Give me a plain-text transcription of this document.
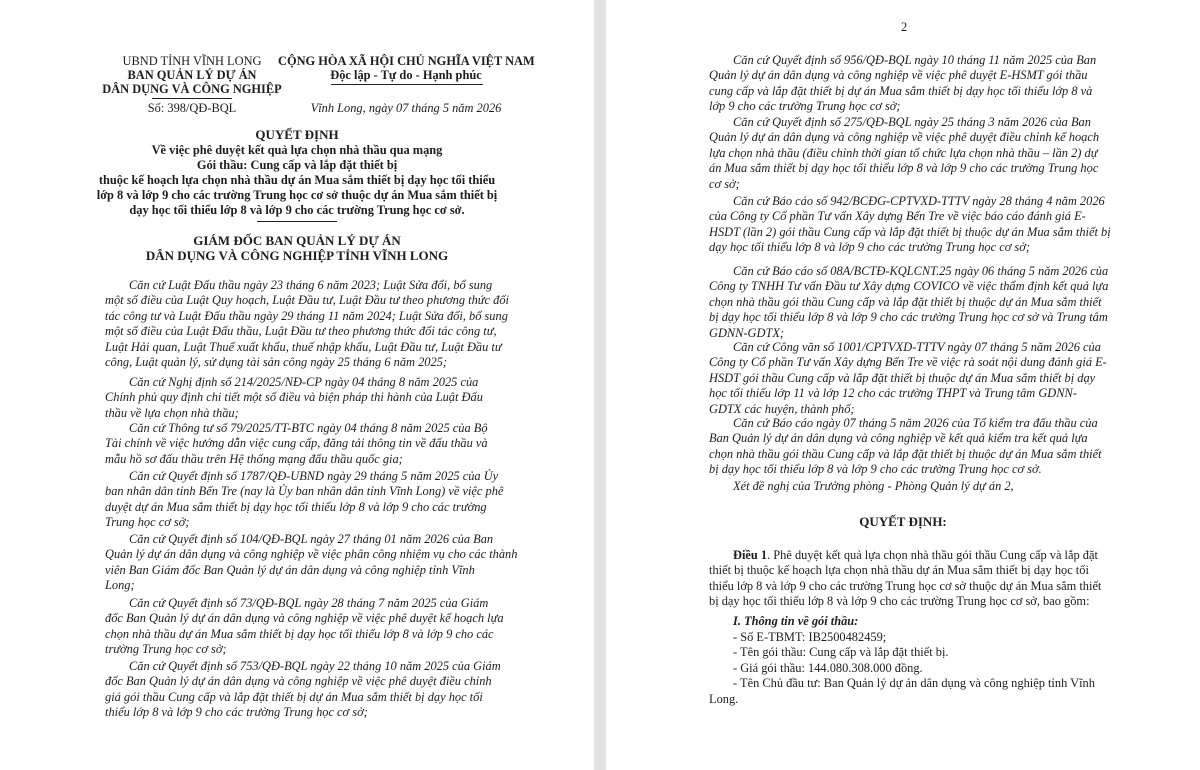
UBND TỈNH VĨNH LONG
BAN QUẢN LÝ DỰ ÁN
DÂN DỤNG VÀ CÔNG NGHIỆP
CỘNG HÒA XÃ HỘI CHỦ NGHĨA VIỆT NAM
Độc lập - Tự do - Hạnh phúc
Số: 398/QĐ-BQL	Vĩnh Long, ngày 07 tháng 5 năm 2026
QUYẾT ĐỊNH
Về việc phê duyệt kết quả lựa chọn nhà thầu qua mạng
Gói thầu: Cung cấp và lắp đặt thiết bị
thuộc kế hoạch lựa chọn nhà thầu dự án Mua sắm thiết bị dạy học tối thiểu
lớp 8 và lớp 9 cho các trường Trung học cơ sở thuộc dự án Mua sắm thiết bị
dạy học tối thiểu lớp 8 và lớp 9 cho các trường Trung học cơ sở.
GIÁM ĐỐC BAN QUẢN LÝ DỰ ÁN
DÂN DỤNG VÀ CÔNG NGHIỆP TỈNH VĨNH LONG
Căn cứ Luật Đấu thầu ngày 23 tháng 6 năm 2023; Luật Sửa đổi, bổ sung
một số điều của Luật Quy hoạch, Luật Đầu tư, Luật Đầu tư theo phương thức đối
tác công tư và Luật Đấu thầu ngày 29 tháng 11 năm 2024; Luật Sửa đổi, bổ sung
một số điều của Luật Đấu thầu, Luật Đầu tư theo phương thức đối tác công tư,
Luật Hải quan, Luật Thuế xuất khẩu, thuế nhập khẩu, Luật Đầu tư, Luật Đầu tư
công, Luật quản lý, sử dụng tài sản công ngày 25 tháng 6 năm 2025;
Căn cứ Nghị định số 214/2025/NĐ-CP ngày 04 tháng 8 năm 2025 của
Chính phủ quy định chi tiết một số điều và biện pháp thi hành của Luật Đấu
thầu về lựa chọn nhà thầu;
Căn cứ Thông tư số 79/2025/TT-BTC ngày 04 tháng 8 năm 2025 của Bộ
Tài chính về việc hướng dẫn việc cung cấp, đăng tải thông tin về đấu thầu và
mẫu hồ sơ đấu thầu trên Hệ thống mạng đấu thầu quốc gia;
Căn cứ Quyết định số 1787/QĐ-UBND ngày 29 tháng 5 năm 2025 của Ủy
ban nhân dân tỉnh Bến Tre (nay là Ủy ban nhân dân tỉnh Vĩnh Long) về việc phê
duyệt dự án Mua sắm thiết bị dạy học tối thiểu lớp 8 và lớp 9 cho các trường
Trung học cơ sở;
Căn cứ Quyết định số 104/QĐ-BQL ngày 27 tháng 01 năm 2026 của Ban
Quản lý dự án dân dụng và công nghiệp về việc phân công nhiệm vụ cho các thành
viên Ban Giám đốc Ban Quản lý dự án dân dụng và công nghiệp tỉnh Vĩnh
Long;
Căn cứ Quyết định số 73/QĐ-BQL ngày 28 tháng 7 năm 2025 của Giám
đốc Ban Quản lý dự án dân dụng và công nghiệp về việc phê duyệt kế hoạch lựa
chọn nhà thầu dự án Mua sắm thiết bị dạy học tối thiểu lớp 8 và lớp 9 cho các
trường Trung học cơ sở;
Căn cứ Quyết định số 753/QĐ-BQL ngày 22 tháng 10 năm 2025 của Giám
đốc Ban Quản lý dự án dân dụng và công nghiệp về việc phê duyệt điều chỉnh
giá gói thầu Cung cấp và lắp đặt thiết bị dự án Mua sắm thiết bị dạy học tối
thiểu lớp 8 và lớp 9 cho các trường Trung học cơ sở;
2
Căn cứ Quyết định số 956/QĐ-BQL ngày 10 tháng 11 năm 2025 của Ban
Quản lý dự án dân dụng và công nghiệp về việc phê duyệt E-HSMT gói thầu
cung cấp và lắp đặt thiết bị dự án Mua sắm thiết bị dạy học tối thiểu lớp 8 và
lớp 9 cho các trường Trung học cơ sở;
Căn cứ Quyết định số 275/QĐ-BQL ngày 25 tháng 3 năm 2026 của Ban
Quản lý dự án dân dụng và công nghiệp về việc phê duyệt điều chỉnh kế hoạch
lựa chọn nhà thầu (điều chỉnh thời gian tổ chức lựa chọn nhà thầu – lần 2) dự
án Mua sắm thiết bị dạy học tối thiểu lớp 8 và lớp 9 cho các trường Trung học
cơ sở;
Căn cứ Báo cáo số 942/BCĐG-CPTVXD-TTTV ngày 28 tháng 4 năm 2026
của Công ty Cổ phần Tư vấn Xây dựng Bến Tre về việc báo cáo đánh giá E-
HSDT (lần 2) gói thầu Cung cấp và lắp đặt thiết bị thuộc dự án Mua sắm thiết bị
dạy học tối thiểu lớp 8 và lớp 9 cho các trường Trung học cơ sở;
Căn cứ Báo cáo số 08A/BCTĐ-KQLCNT.25 ngày 06 tháng 5 năm 2026 của
Công ty TNHH Tư vấn Đầu tư Xây dựng COVICO về việc thẩm định kết quả lựa
chọn nhà thầu gói thầu Cung cấp và lắp đặt thiết bị thuộc dự án Mua sắm thiết
bị dạy học tối thiểu lớp 8 và lớp 9 cho các trường Trung học cơ sở và Trung tâm
GDNN-GDTX;
Căn cứ Công văn số 1001/CPTVXD-TTTV ngày 07 tháng 5 năm 2026 của
Công ty Cổ phần Tư vấn Xây dựng Bến Tre về việc rà soát nội dung đánh giá E-
HSDT gói thầu Cung cấp và lắp đặt thiết bị thuộc dự án Mua sắm thiết bị dạy
học tối thiểu lớp 11 và lớp 12 cho các trường THPT và Trung tâm GDNN-
GDTX các huyện, thành phố;
Căn cứ Báo cáo ngày 07 tháng 5 năm 2026 của Tổ kiểm tra đấu thầu của
Ban Quản lý dự án dân dụng và công nghiệp về kết quả kiểm tra kết quả lựa
chọn nhà thầu gói thầu Cung cấp và lắp đặt thiết bị thuộc dự án Mua sắm thiết
bị dạy học tối thiểu lớp 8 và lớp 9 cho các trường Trung học cơ sở.
Xét đề nghị của Trưởng phòng - Phòng Quản lý dự án 2,
QUYẾT ĐỊNH:
Điều 1. Phê duyệt kết quả lựa chọn nhà thầu gói thầu Cung cấp và lắp đặt
thiết bị thuộc kế hoạch lựa chọn nhà thầu dự án Mua sắm thiết bị dạy học tối
thiểu lớp 8 và lớp 9 cho các trường Trung học cơ sở thuộc dự án Mua sắm thiết
bị dạy học tối thiểu lớp 8 và lớp 9 cho các trường Trung học cơ sở, bao gồm:
I. Thông tin về gói thầu:
- Số E-TBMT: IB2500482459;
- Tên gói thầu: Cung cấp và lắp đặt thiết bị.
- Giá gói thầu: 144.080.308.000 đồng.
- Tên Chủ đầu tư: Ban Quản lý dự án dân dụng và công nghiệp tỉnh Vĩnh
Long.
